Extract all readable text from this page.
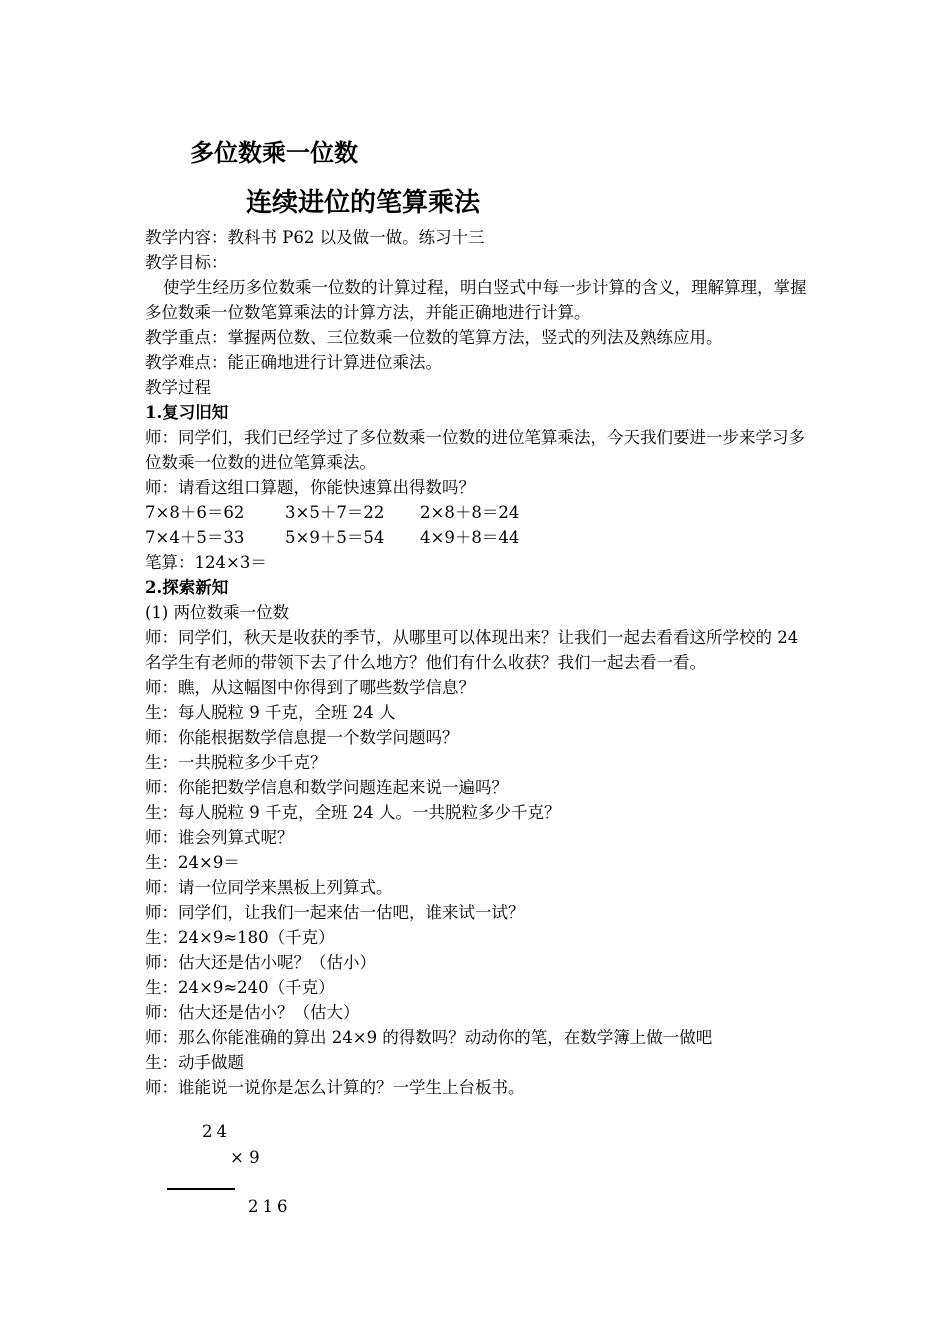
多位数乘一位数
连续进位的笔算乘法

教学内容：教科书 P62 以及做一做。练习十三

教学目标：

使学生经历多位数乘一位数的计算过程，明白竖式中每一步计算的含义，理解算理，掌握多位数乘一位数笔算乘法的计算方法，并能正确地进行计算。

教学重点：掌握两位数、三位数乘一位数的笔算方法，竖式的列法及熟练应用。

教学难点：能正确地进行计算进位乘法。

教学过程

1.复习旧知

师：同学们，我们已经学过了多位数乘一位数的进位笔算乘法，今天我们要进一步来学习多位数乘一位数的进位笔算乘法。

师：请看这组口算题，你能快速算出得数吗？

7×8＋6＝62	3×5＋7＝22	2×8＋8＝24
7×4＋5＝33	5×9＋5＝54	4×9＋8＝44

笔算：124×3＝

2.探索新知

(1) 两位数乘一位数

师：同学们，秋天是收获的季节，从哪里可以体现出来？让我们一起去看看这所学校的 24 名学生有老师的带领下去了什么地方？他们有什么收获？我们一起去看一看。

师：瞧，从这幅图中你得到了哪些数学信息？

生：每人脱粒 9 千克，全班 24 人

师：你能根据数学信息提一个数学问题吗？

生：一共脱粒多少千克？

师：你能把数学信息和数学问题连起来说一遍吗？

生：每人脱粒 9 千克，全班 24 人。一共脱粒多少千克？

师：谁会列算式呢？

生：24×9＝

师：请一位同学来黑板上列算式。

师：同学们，让我们一起来估一估吧，谁来试一试？

生：24×9≈180（千克）

师：估大还是估小呢？（估小）

生：24×9≈240（千克）

师：估大还是估小？（估大）

师：那么你能准确的算出 24×9 的得数吗？动动你的笔，在数学簿上做一做吧

生：动手做题

师：谁能说一说你是怎么计算的？一学生上台板书。

24
× 9
216
